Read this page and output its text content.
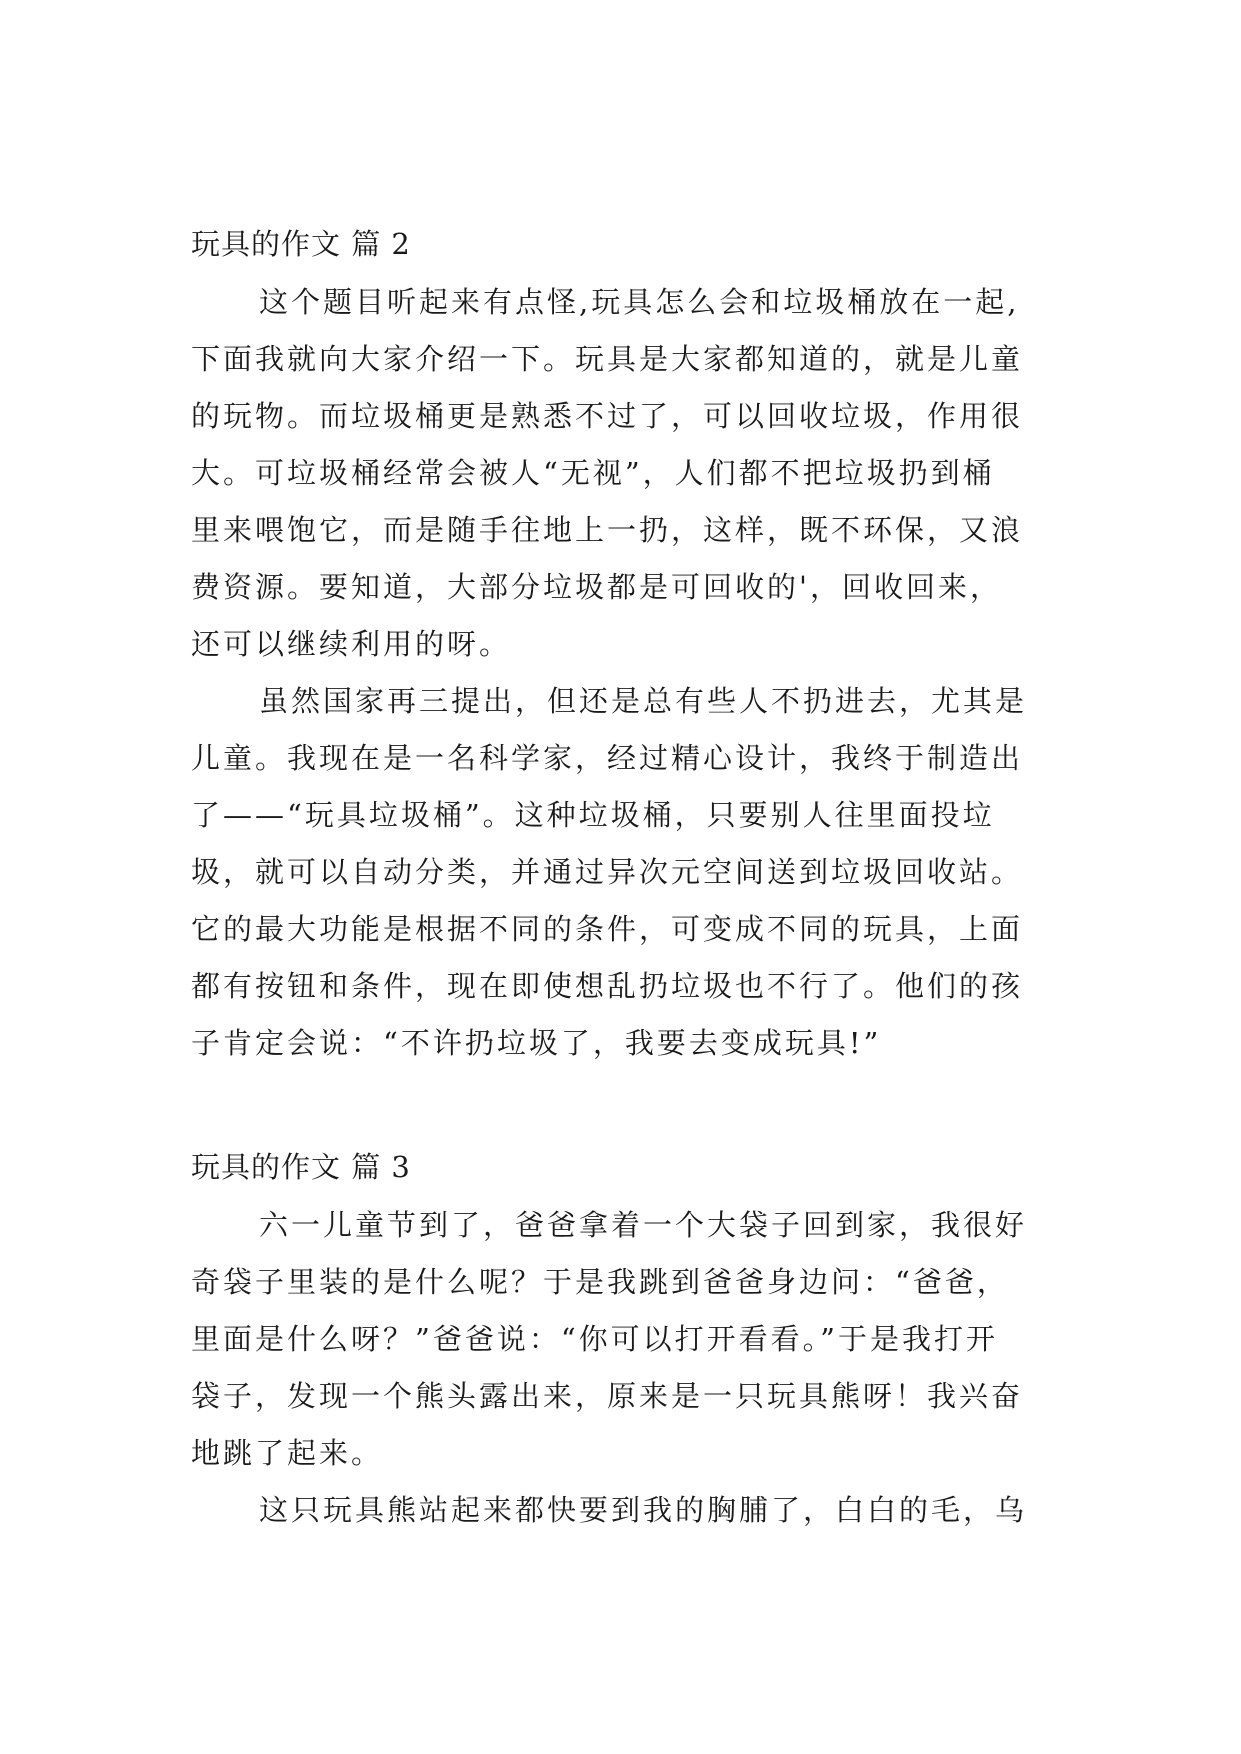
玩具的作文 篇 2
这个题目听起来有点怪,玩具怎么会和垃圾桶放在一起,
下面我就向大家介绍一下。玩具是大家都知道的，就是儿童
的玩物。而垃圾桶更是熟悉不过了，可以回收垃圾，作用很
大。可垃圾桶经常会被人“无视”，人们都不把垃圾扔到桶
里来喂饱它，而是随手往地上一扔，这样，既不环保，又浪
费资源。要知道，大部分垃圾都是可回收的'，回收回来，
还可以继续利用的呀。
虽然国家再三提出，但还是总有些人不扔进去，尤其是
儿童。我现在是一名科学家，经过精心设计，我终于制造出
了——“玩具垃圾桶”。这种垃圾桶，只要别人往里面投垃
圾，就可以自动分类，并通过异次元空间送到垃圾回收站。
它的最大功能是根据不同的条件，可变成不同的玩具，上面
都有按钮和条件，现在即使想乱扔垃圾也不行了。他们的孩
子肯定会说：“不许扔垃圾了，我要去变成玩具!”
玩具的作文 篇 3
六一儿童节到了，爸爸拿着一个大袋子回到家，我很好
奇袋子里装的是什么呢？于是我跳到爸爸身边问：“爸爸，
里面是什么呀？”爸爸说：“你可以打开看看。”于是我打开
袋子，发现一个熊头露出来，原来是一只玩具熊呀！我兴奋
地跳了起来。
这只玩具熊站起来都快要到我的胸脯了，白白的毛，乌
